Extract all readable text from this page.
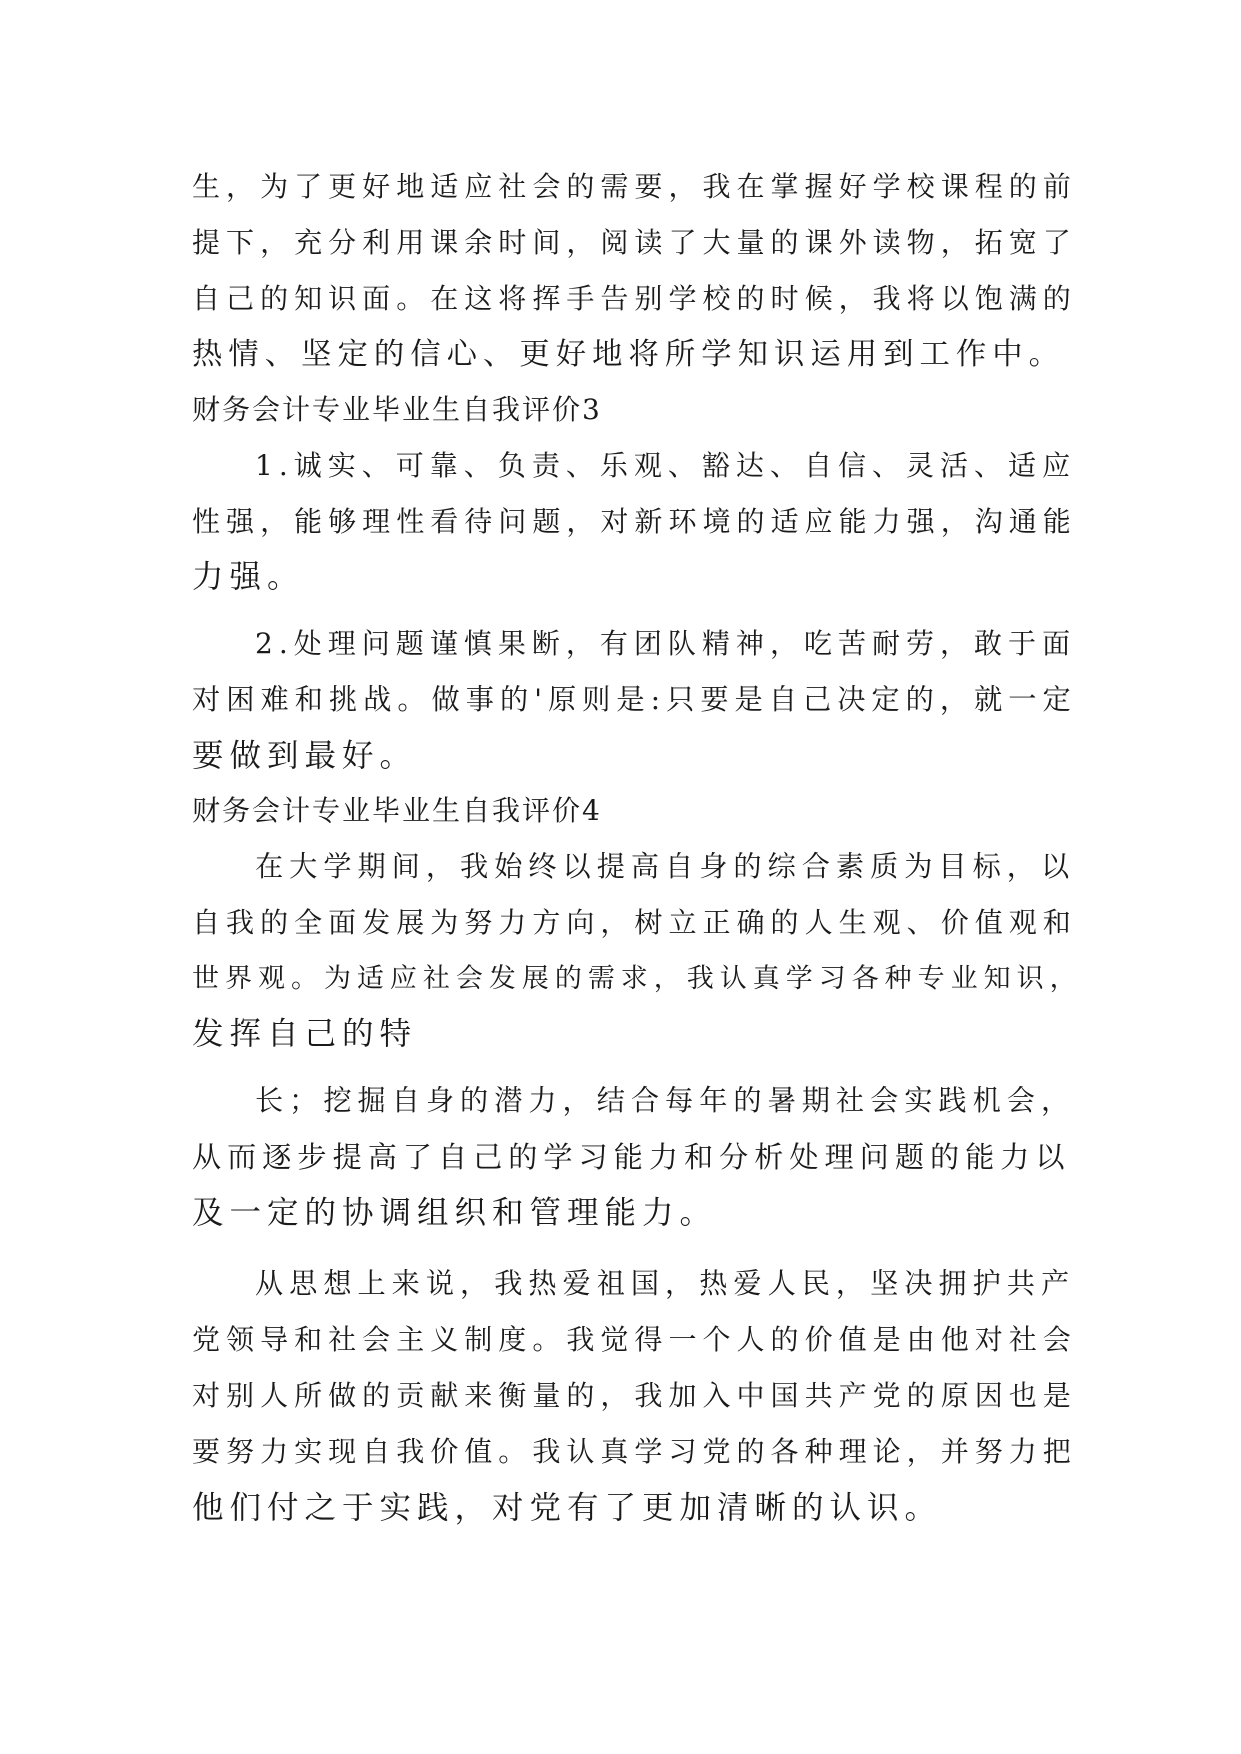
生，为了更好地适应社会的需要，我在掌握好学校课程的前
提下，充分利用课余时间，阅读了大量的课外读物，拓宽了
自己的知识面。在这将挥手告别学校的时候，我将以饱满的
热情、坚定的信心、更好地将所学知识运用到工作中。
财务会计专业毕业生自我评价3
1.诚实、可靠、负责、乐观、豁达、自信、灵活、适应
性强，能够理性看待问题，对新环境的适应能力强，沟通能
力强。
2.处理问题谨慎果断，有团队精神，吃苦耐劳，敢于面
对困难和挑战。做事的'原则是:只要是自己决定的，就一定
要做到最好。
财务会计专业毕业生自我评价4
在大学期间，我始终以提高自身的综合素质为目标，以
自我的全面发展为努力方向，树立正确的人生观、价值观和
世界观。为适应社会发展的需求，我认真学习各种专业知识，
发挥自己的特
长；挖掘自身的潜力，结合每年的暑期社会实践机会，
从而逐步提高了自己的学习能力和分析处理问题的能力以
及一定的协调组织和管理能力。
从思想上来说，我热爱祖国，热爱人民，坚决拥护共产
党领导和社会主义制度。我觉得一个人的价值是由他对社会
对别人所做的贡献来衡量的，我加入中国共产党的原因也是
要努力实现自我价值。我认真学习党的各种理论，并努力把
他们付之于实践，对党有了更加清晰的认识。
